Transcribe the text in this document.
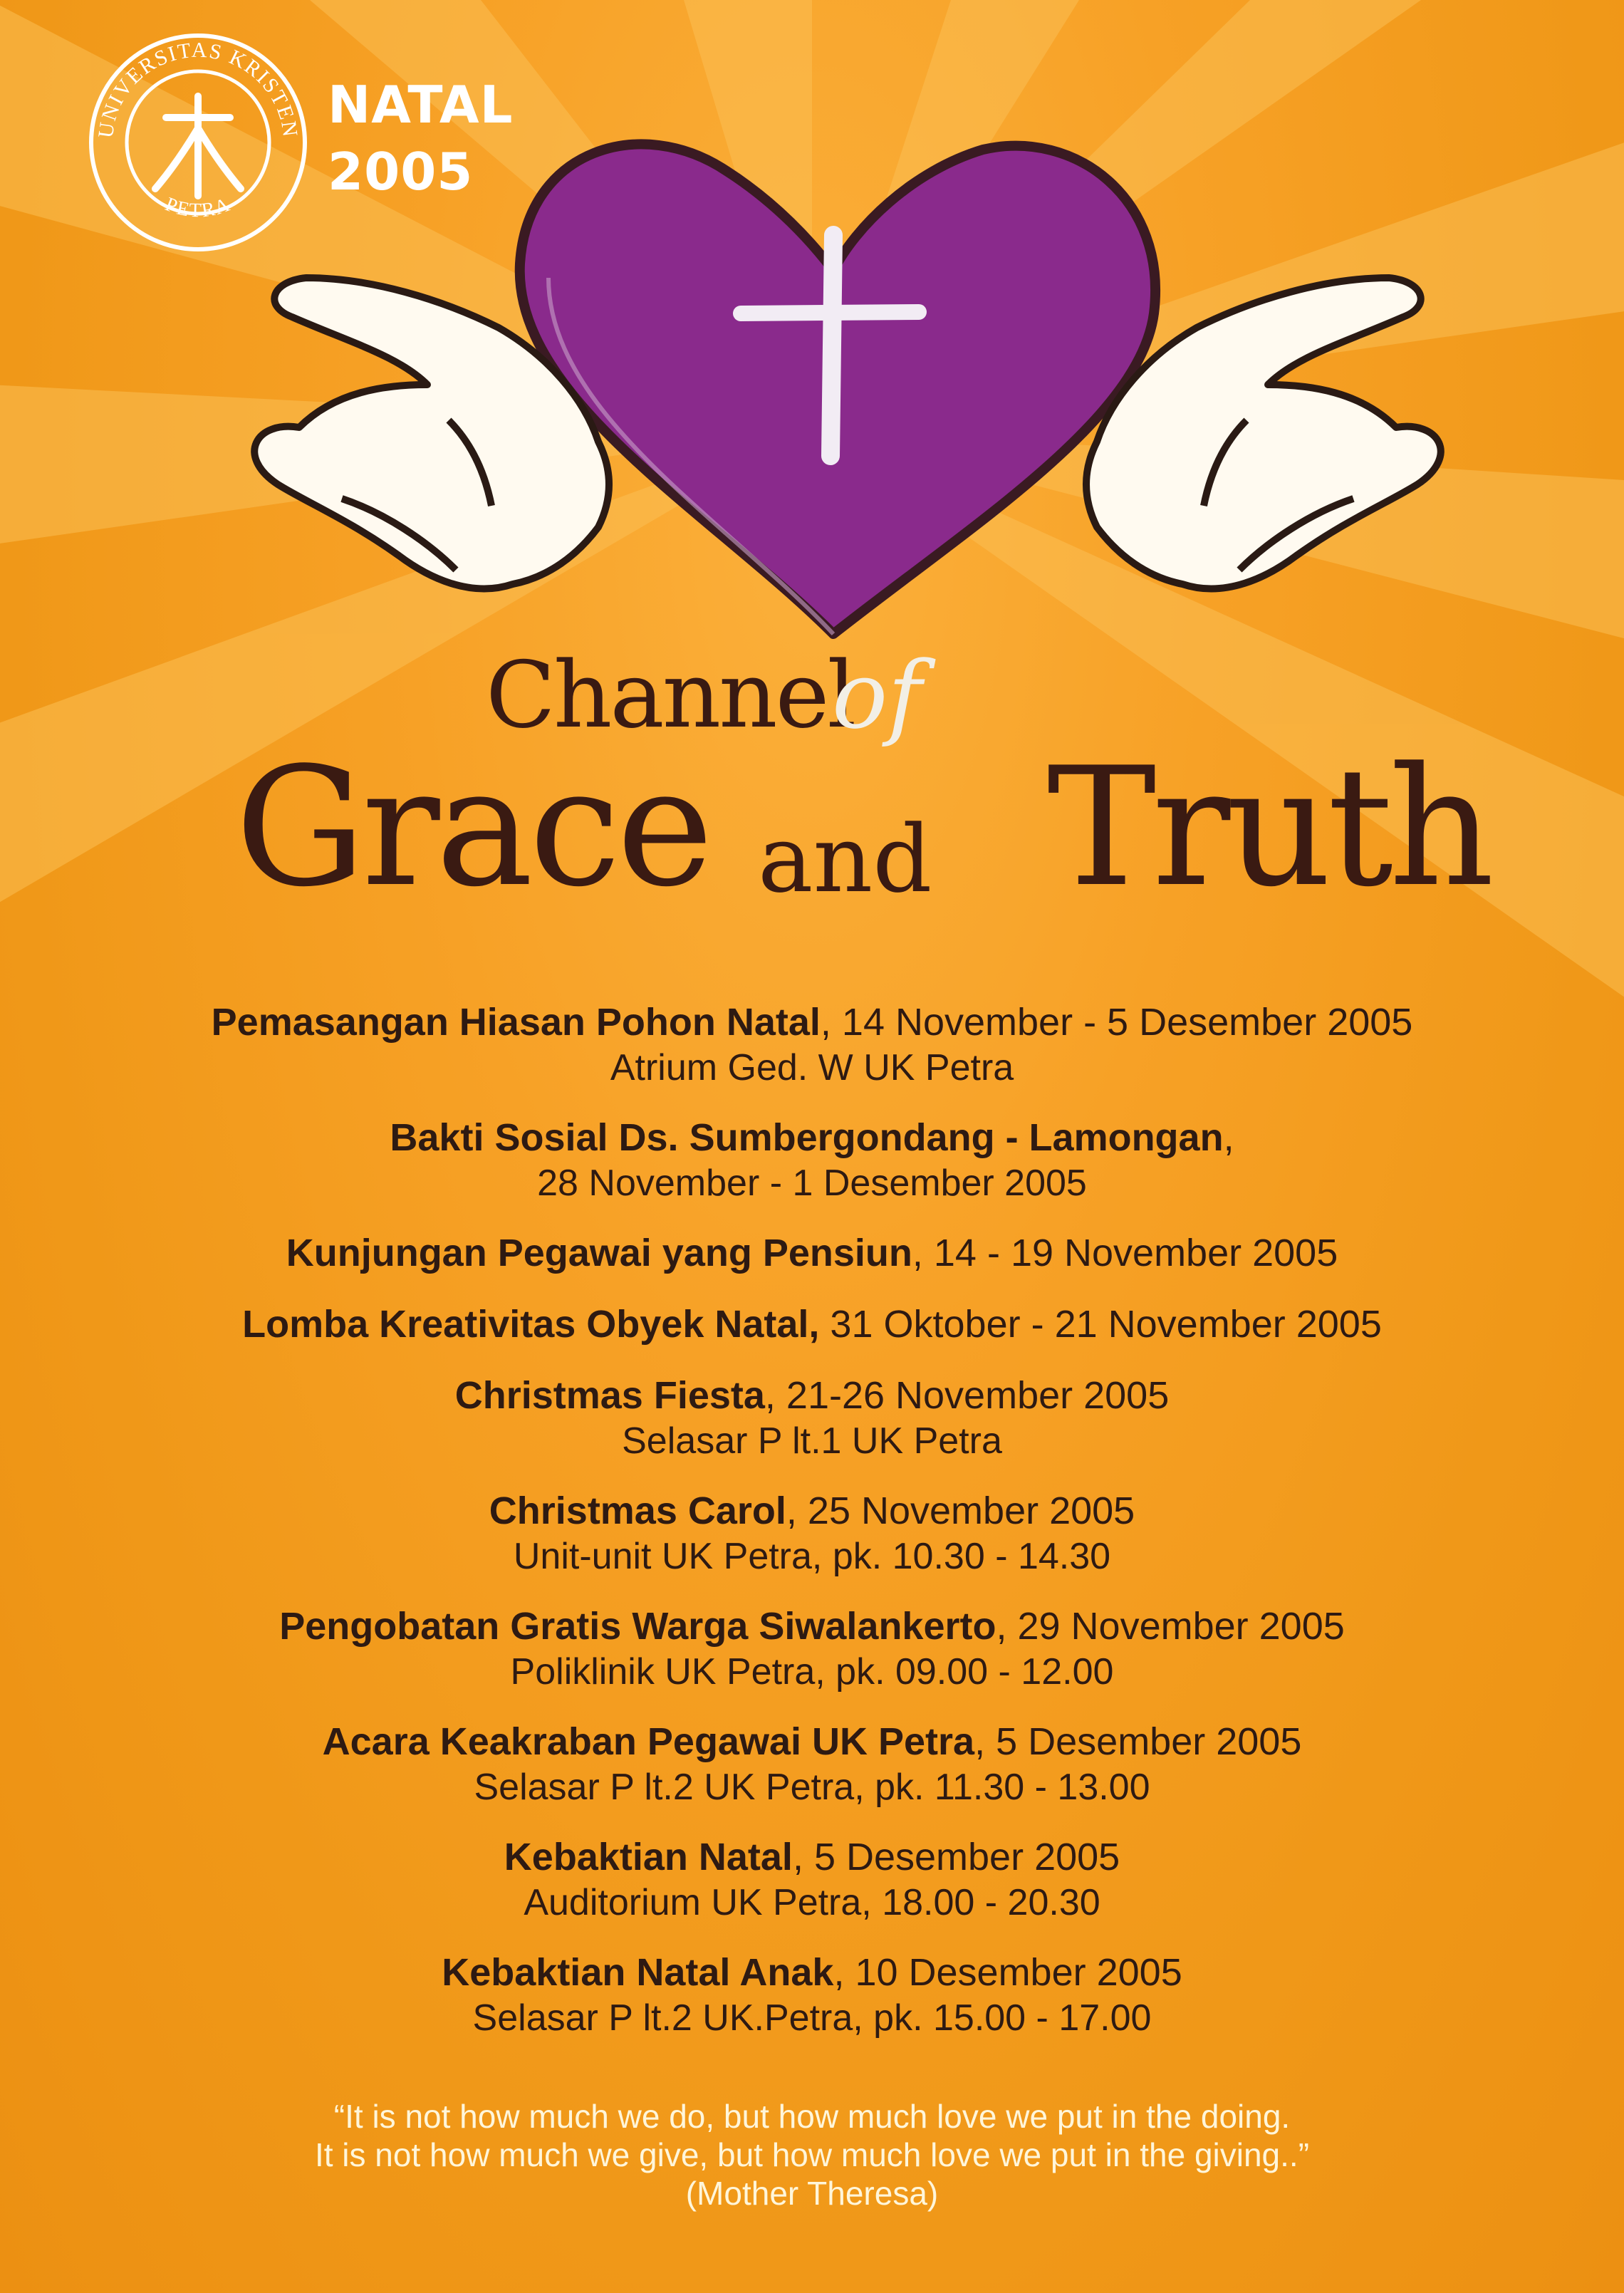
UNIVERSITAS KRISTEN
PETRA
NATAL
2005
Channel
of
Grace and Truth
Pemasangan Hiasan Pohon Natal, 14 November - 5 Desember 2005
Atrium Ged. W UK Petra
Bakti Sosial Ds. Sumbergondang - Lamongan,
28 November - 1 Desember 2005
Kunjungan Pegawai yang Pensiun, 14 - 19 November 2005
Lomba Kreativitas Obyek Natal, 31 Oktober - 21 November 2005
Christmas Fiesta, 21-26 November 2005
Selasar P lt.1 UK Petra
Christmas Carol, 25 November 2005
Unit-unit UK Petra, pk. 10.30 - 14.30
Pengobatan Gratis Warga Siwalankerto, 29 November 2005
Poliklinik UK Petra, pk. 09.00 - 12.00
Acara Keakraban Pegawai UK Petra, 5 Desember 2005
Selasar P lt.2 UK Petra, pk. 11.30 - 13.00
Kebaktian Natal, 5 Desember 2005
Auditorium UK Petra, 18.00 - 20.30
Kebaktian Natal Anak, 10 Desember 2005
Selasar P lt.2 UK.Petra, pk. 15.00 - 17.00
“It is not how much we do, but how much love we put in the doing.
It is not how much we give, but how much love we put in the giving..”
(Mother Theresa)
